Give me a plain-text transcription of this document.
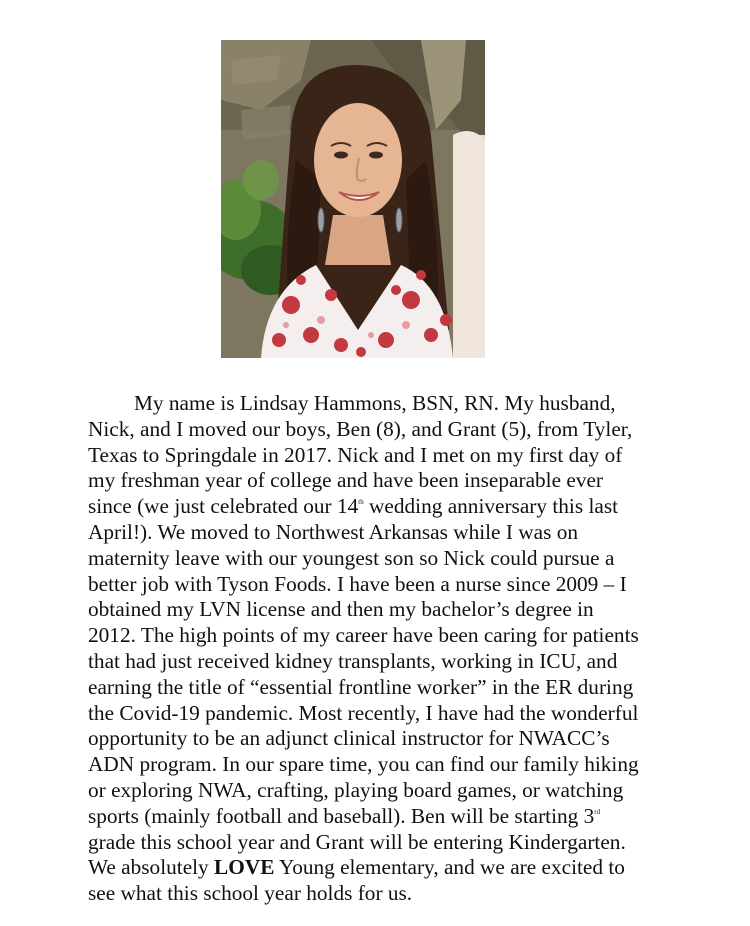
My name is Lindsay Hammons, BSN, RN. My husband,
Nick, and I moved our boys, Ben (8), and Grant (5), from Tyler,
Texas to Springdale in 2017. Nick and I met on my first day of
my freshman year of college and have been inseparable ever
since (we just celebrated our 14th wedding anniversary this last
April!). We moved to Northwest Arkansas while I was on
maternity leave with our youngest son so Nick could pursue a
better job with Tyson Foods. I have been a nurse since 2009 – I
obtained my LVN license and then my bachelor’s degree in
2012. The high points of my career have been caring for patients
that had just received kidney transplants, working in ICU, and
earning the title of “essential frontline worker” in the ER during
the Covid-19 pandemic. Most recently, I have had the wonderful
opportunity to be an adjunct clinical instructor for NWACC’s
ADN program. In our spare time, you can find our family hiking
or exploring NWA, crafting, playing board games, or watching
sports (mainly football and baseball). Ben will be starting 3rd
grade this school year and Grant will be entering Kindergarten.
We absolutely LOVE Young elementary, and we are excited to
see what this school year holds for us.
